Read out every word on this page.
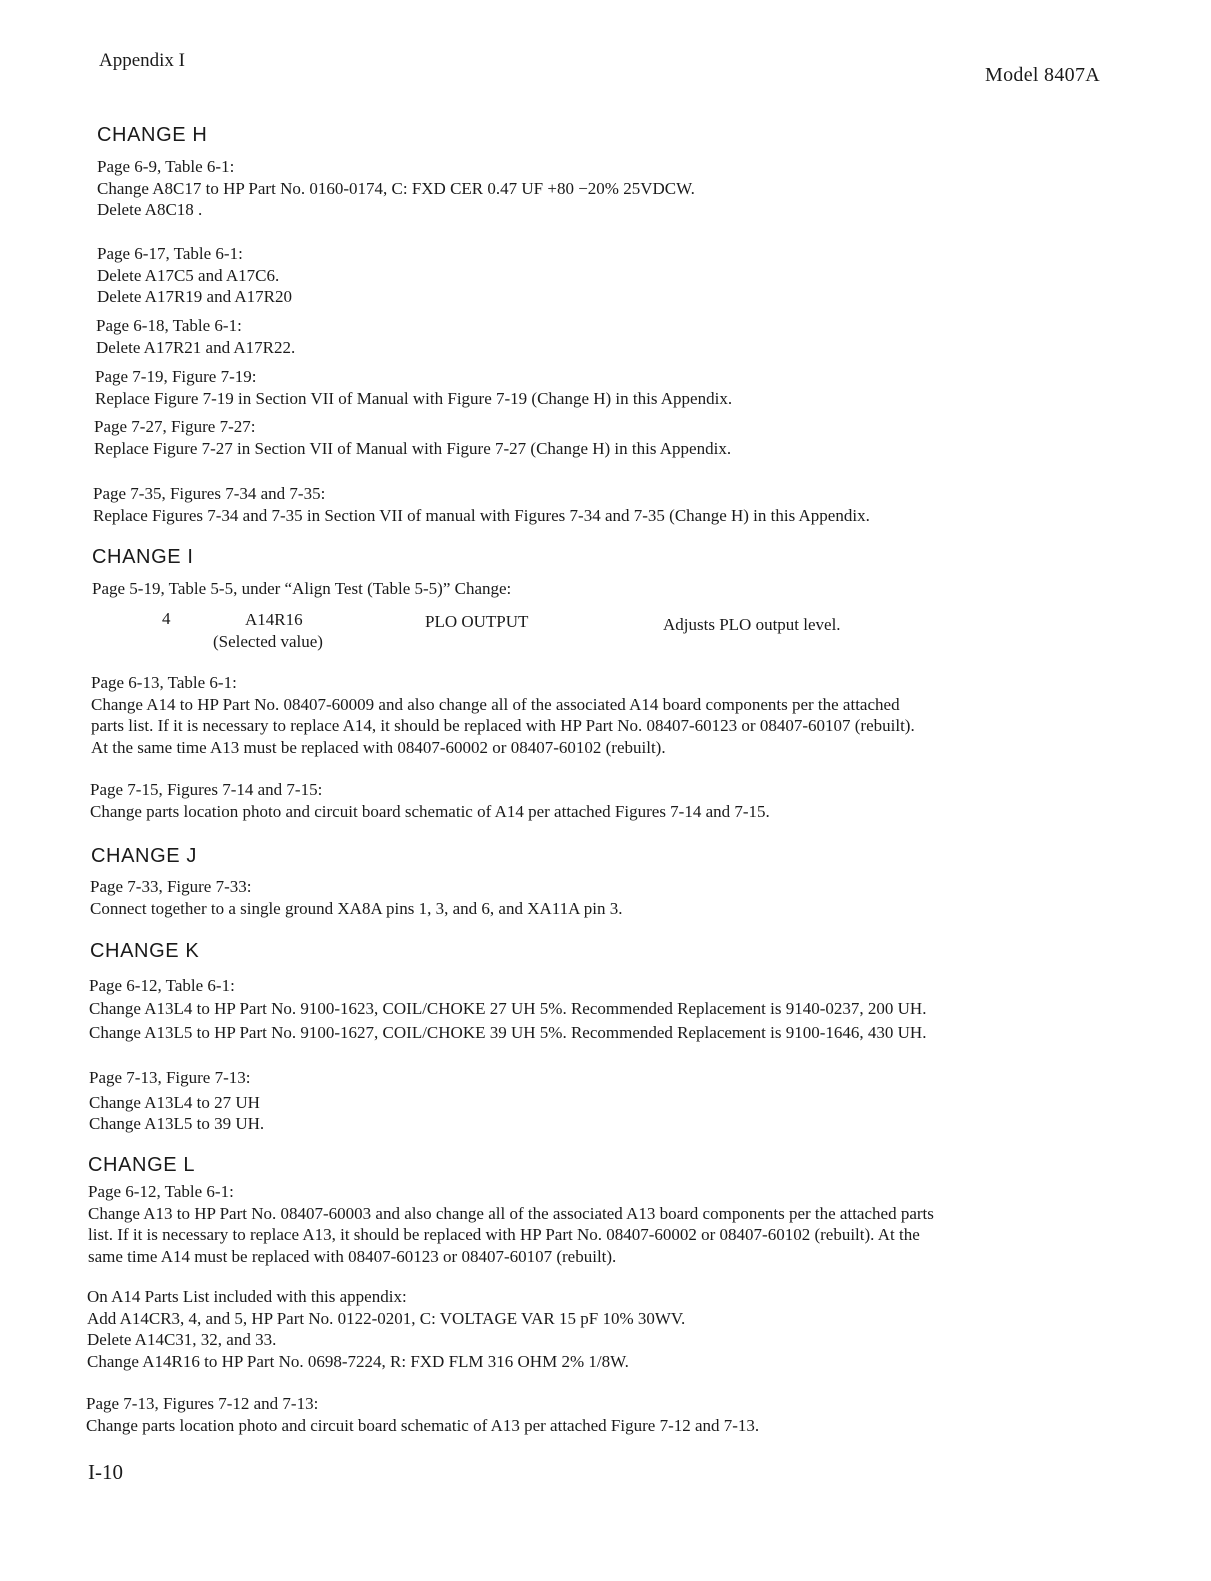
Appendix I
Model 8407A
CHANGE H

Page 6-9, Table 6-1:

Change A8C17 to HP Part No. 0160-0174, C: FXD CER 0.47 UF +80 −20% 25VDCW.

Delete A8C18 .

Page 6-17, Table 6-1:

Delete A17C5 and A17C6.

Delete A17R19 and A17R20

Page 6-18, Table 6-1:

Delete A17R21 and A17R22.

Page 7-19, Figure 7-19:

Replace Figure 7-19 in Section VII of Manual with Figure 7-19 (Change H) in this Appendix.

Page 7-27, Figure 7-27:

Replace Figure 7-27 in Section VII of Manual with Figure 7-27 (Change H) in this Appendix.

Page 7-35, Figures 7-34 and 7-35:

Replace Figures 7-34 and 7-35 in Section VII of manual with Figures 7-34 and 7-35 (Change H) in this Appendix.

CHANGE I

Page 5-19, Table 5-5, under “Align Test (Table 5-5)” Change:

4	A14R16
(Selected value)
PLO OUTPUT	Adjusts PLO output level.

Page 6-13, Table 6-1:

Change A14 to HP Part No. 08407-60009 and also change all of the associated A14 board components per the attached

parts list. If it is necessary to replace A14, it should be replaced with HP Part No. 08407-60123 or 08407-60107 (rebuilt).

At the same time A13 must be replaced with 08407-60002 or 08407-60102 (rebuilt).

Page 7-15, Figures 7-14 and 7-15:

Change parts location photo and circuit board schematic of A14 per attached Figures 7-14 and 7-15.

CHANGE J

Page 7-33, Figure 7-33:

Connect together to a single ground XA8A pins 1, 3, and 6, and XA11A pin 3.

CHANGE K

Page 6-12, Table 6-1:

Change A13L4 to HP Part No. 9100-1623, COIL/CHOKE 27 UH 5%. Recommended Replacement is 9140-0237, 200 UH.

Change A13L5 to HP Part No. 9100-1627, COIL/CHOKE 39 UH 5%. Recommended Replacement is 9100-1646, 430 UH.

Page 7-13, Figure 7-13:

Change A13L4 to 27 UH

Change A13L5 to 39 UH.

CHANGE L

Page 6-12, Table 6-1:

Change A13 to HP Part No. 08407-60003 and also change all of the associated A13 board components per the attached parts

list. If it is necessary to replace A13, it should be replaced with HP Part No. 08407-60002 or 08407-60102 (rebuilt). At the

same time A14 must be replaced with 08407-60123 or 08407-60107 (rebuilt).

On A14 Parts List included with this appendix:

Add A14CR3, 4, and 5, HP Part No. 0122-0201, C: VOLTAGE VAR 15 pF 10% 30WV.

Delete A14C31, 32, and 33.

Change A14R16 to HP Part No. 0698-7224, R: FXD FLM 316 OHM 2% 1/8W.

Page 7-13, Figures 7-12 and 7-13:

Change parts location photo and circuit board schematic of A13 per attached Figure 7-12 and 7-13.

I-10
